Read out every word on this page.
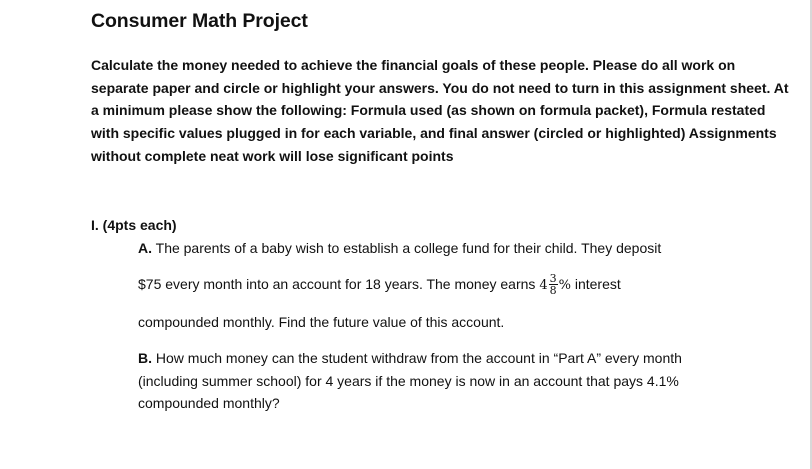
Consumer Math Project

Calculate the money needed to achieve the financial goals of these people. Please do all work on separate paper and circle or highlight your answers. You do not need to turn in this assignment sheet. At a minimum please show the following: Formula used (as shown on formula packet), Formula restated with specific values plugged in for each variable, and final answer (circled or highlighted) Assignments without complete neat work will lose significant points

I. (4pts each)

A. The parents of a baby wish to establish a college fund for their child. They deposit
$75 every month into an account for 18 years. The money earns $4 \frac{3}{8}$ % interest
compounded monthly. Find the future value of this account.
B. How much money can the student withdraw from the account in “Part A” every month (including summer school) for 4 years if the money is now in an account that pays 4.1% compounded monthly?
